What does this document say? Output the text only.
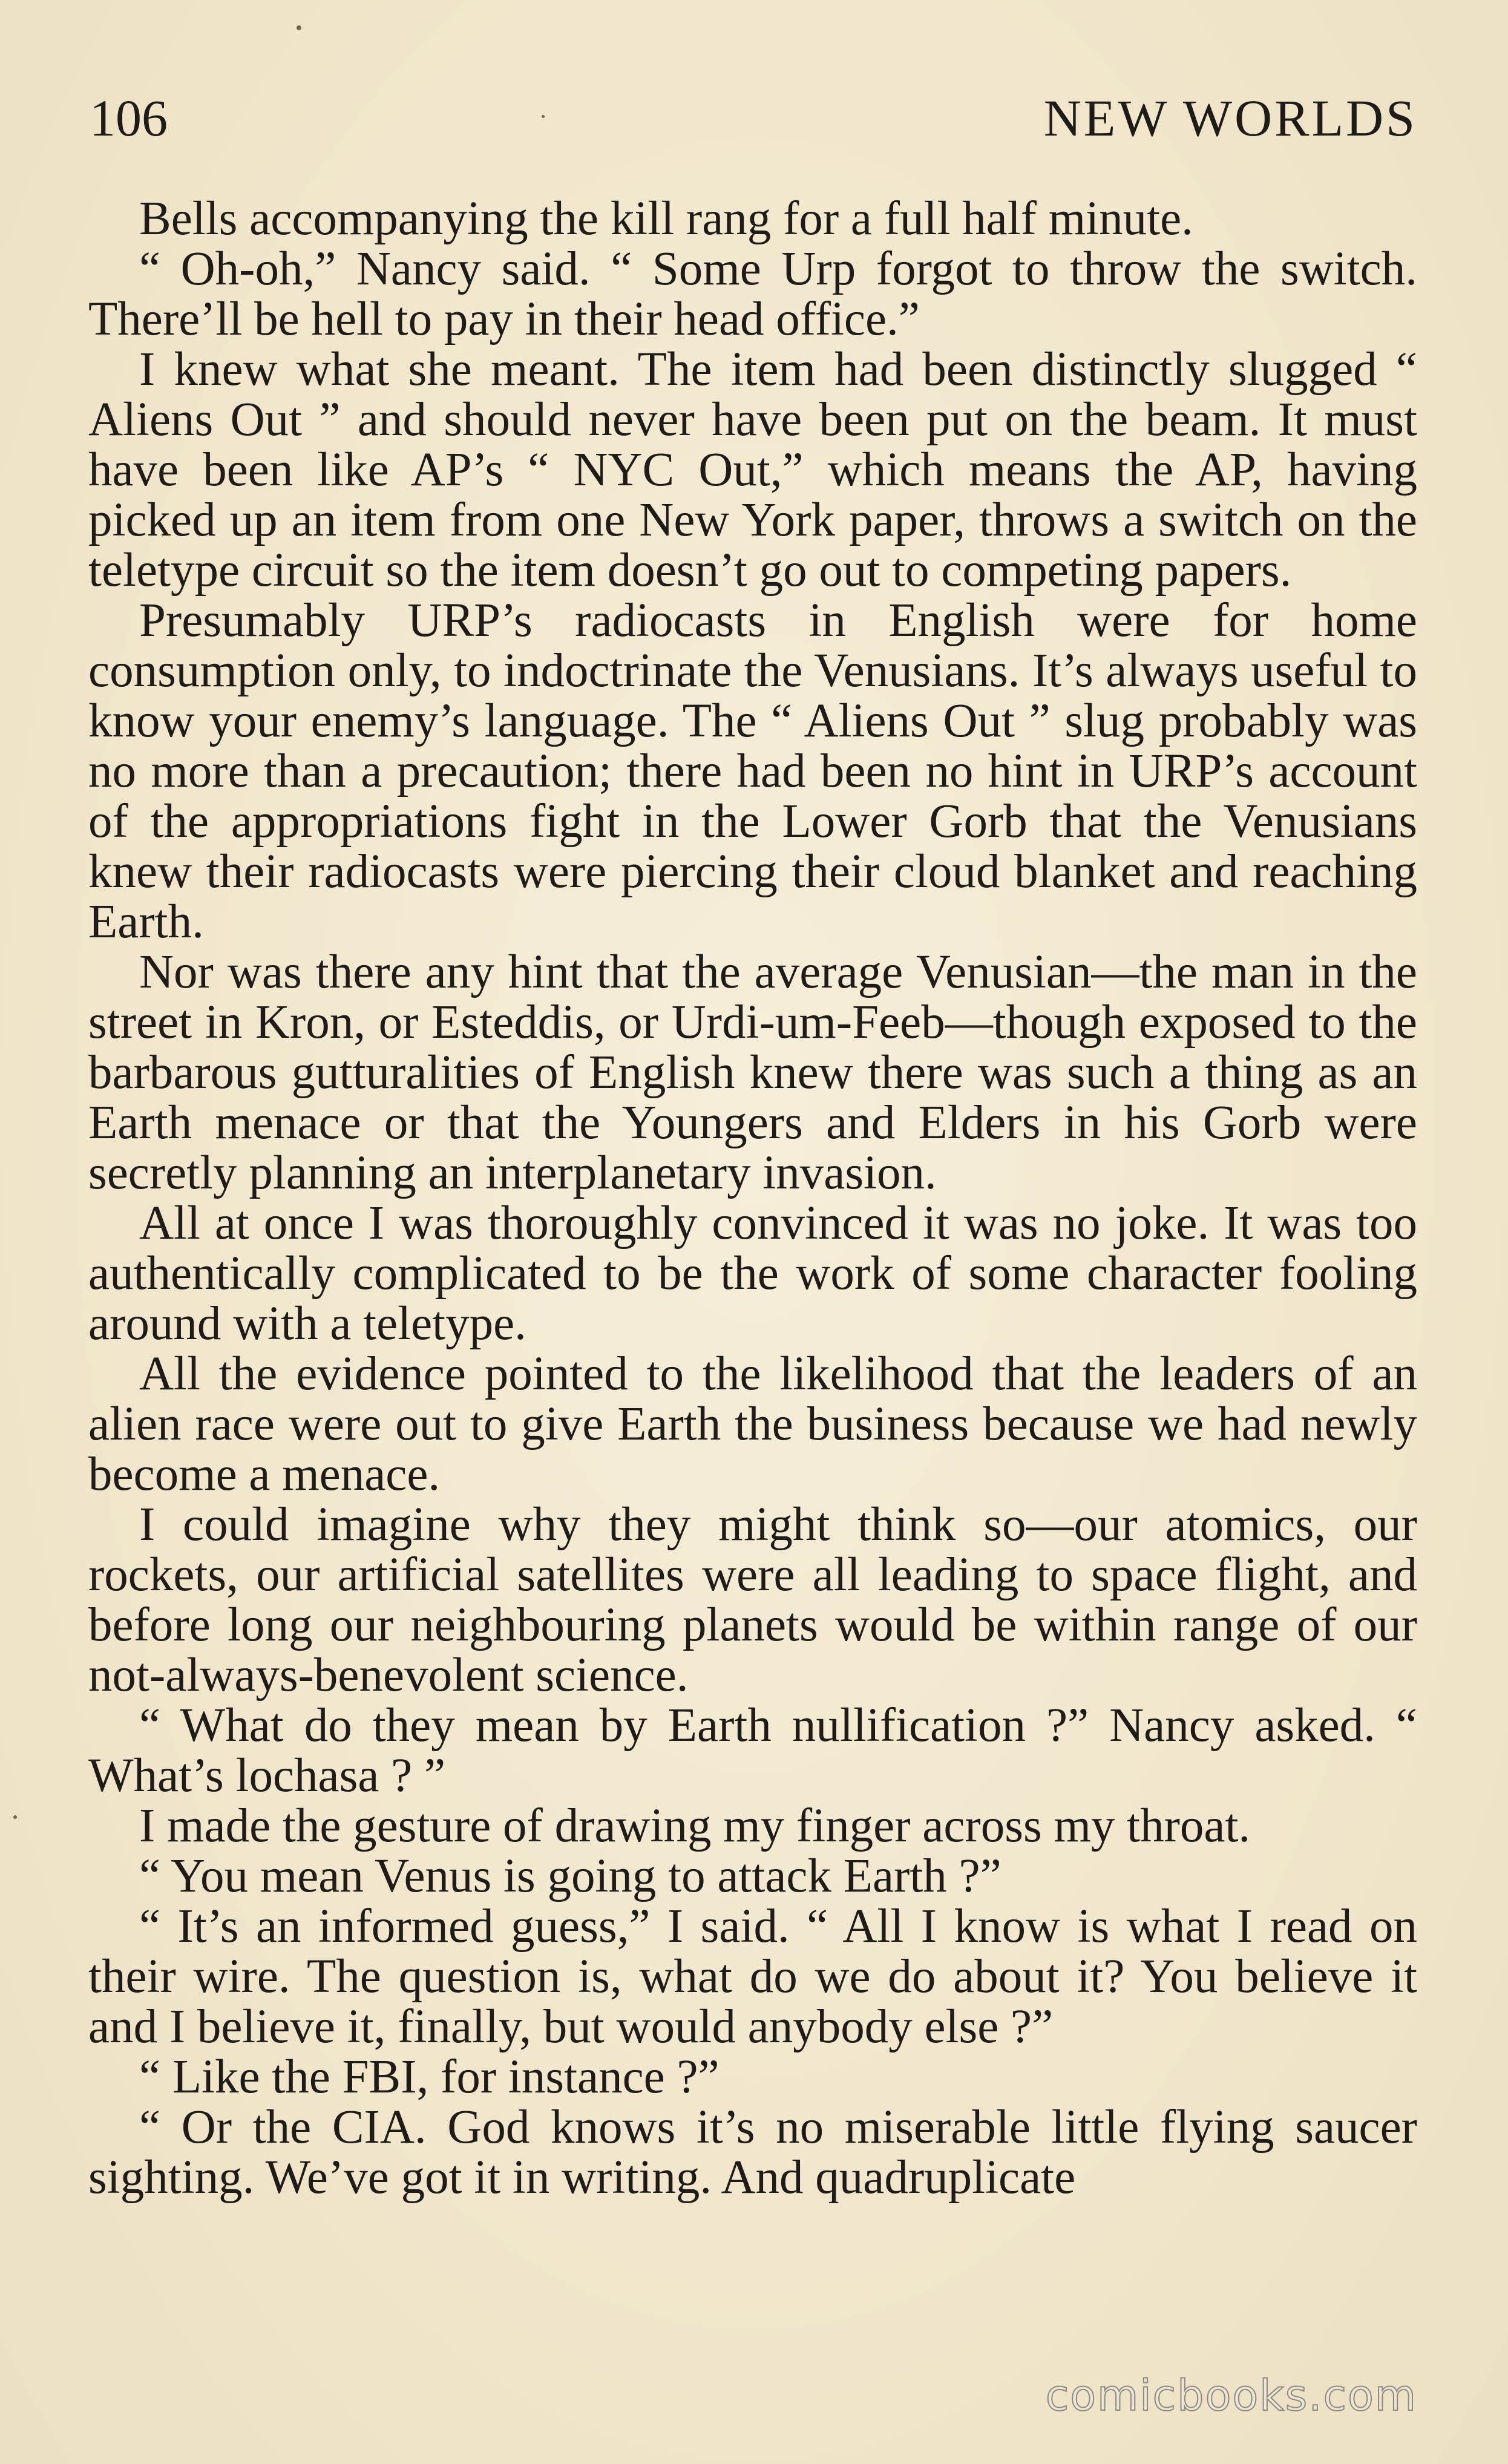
106	NEW WORLDS

Bells accompanying the kill rang for a full half minute.

“ Oh-oh,” Nancy said. “ Some Urp forgot to throw the switch. There’ll be hell to pay in their head office.”

I knew what she meant. The item had been distinctly slugged “ Aliens Out ” and should never have been put on the beam. It must have been like AP’s “ NYC Out,” which means the AP, having picked up an item from one New York paper, throws a switch on the teletype circuit so the item doesn’t go out to competing papers.

Presumably URP’s radiocasts in English were for home consumption only, to indoctrinate the Venusians. It’s always useful to know your enemy’s language. The “ Aliens Out ” slug probably was no more than a precaution; there had been no hint in URP’s account of the appropriations fight in the Lower Gorb that the Venusians knew their radiocasts were piercing their cloud blanket and reaching Earth.

Nor was there any hint that the average Venusian—the man in the street in Kron, or Esteddis, or Urdi-um-Feeb—though exposed to the barbarous gutturalities of English knew there was such a thing as an Earth menace or that the Youngers and Elders in his Gorb were secretly planning an interplanetary invasion.

All at once I was thoroughly convinced it was no joke. It was too authentically complicated to be the work of some character fooling around with a teletype.

All the evidence pointed to the likelihood that the leaders of an alien race were out to give Earth the business because we had newly become a menace.

I could imagine why they might think so—our atomics, our rockets, our artificial satellites were all leading to space flight, and before long our neighbouring planets would be within range of our not-always-benevolent science.

“ What do they mean by Earth nullification ?” Nancy asked. “ What’s lochasa ? ”

I made the gesture of drawing my finger across my throat.

“ You mean Venus is going to attack Earth ?”

“ It’s an informed guess,” I said. “ All I know is what I read on their wire. The question is, what do we do about it? You believe it and I believe it, finally, but would anybody else ?”

“ Like the FBI, for instance ?”

“ Or the CIA. God knows it’s no miserable little flying saucer sighting. We’ve got it in writing. And quadruplicate

comicbooks.com
